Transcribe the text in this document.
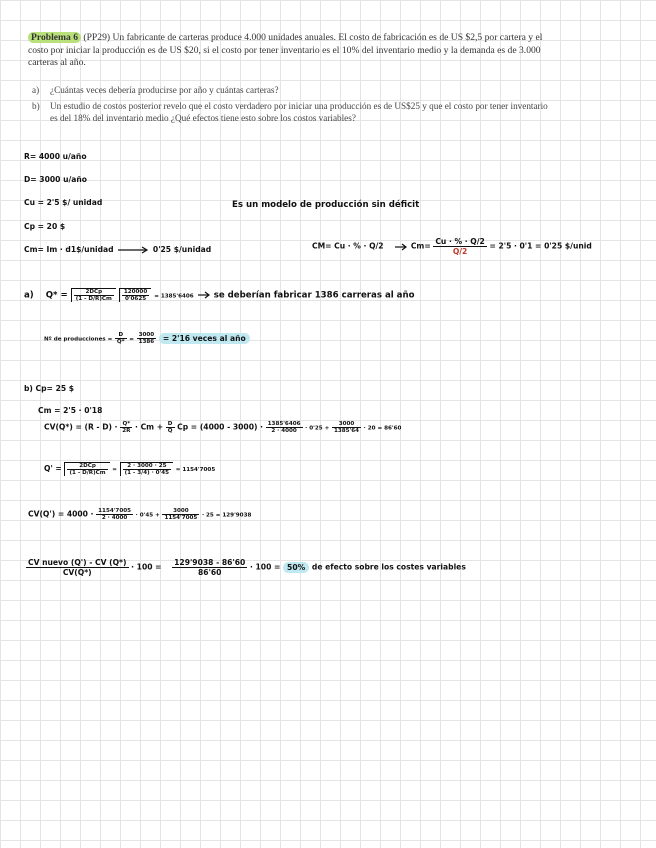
Problema 6 (PP29) Un fabricante de carteras produce 4.000 unidades anuales. El costo de fabricación es de US $2,5 por cartera y el costo por iniciar la producción es de US $20, si el costo por tener inventario es el 10% del inventario medio y la demanda es de 3.000 carteras al año.
a)	¿Cuántas veces debería producirse por año y cuántas carteras?
b)	Un estudio de costos posterior revelo que el costo verdadero por iniciar una producción es de US$25 y que el costo por tener inventario es del 18% del inventario medio ¿Qué efectos tiene esto sobre los costos variables?
R= 4000 u/año
D= 3000 u/año
Cu = 2'5 $/ unidad	Es un modelo de producción sin déficit
Cp = 20 $
Cm= Im · d1$/unidad	0'25 $/unidad	CM= Cu · % · Q/2	$Cm= \frac{Cu \cdot \% \cdot Q/2}{Q/2} = 2'5 \cdot 0'1 = 0'25$ $/unid
a) $Q* = \frac{\text{2DCp}}{(1 - D/R)Cm}$
$\frac{120000}{0'0625} = 1385'6406$ se deberían fabricar 1386 carreras al año
Nº de producciones = $\frac{D}{Q*} = \frac{3000}{1386} = 2'16$ veces al año
b) Cp= 25 $
Cm = 2'5 · 0'18
$CV(Q*) = (R - D) \cdot \frac{Q*}{2R} \cdot Cm + \frac{D}{Q}$ $Cp = (4000 - 3000) \cdot \frac{1385'6406}{2 \cdot 4000} \cdot 0'25 + \frac{3000}{1385'64} \cdot 20 = 86'60$
$Q' = \frac{\text{2DCp}}{(1 - D/R)Cm} = \frac{2 \cdot 3000 \cdot 25}{(1 - 3/4) \cdot 0'45} = 1154'7005$
$CV(Q') = 4000 \cdot \frac{1154'7005}{2 \cdot 4000} \cdot 0'45 + \frac{3000}{1154'7005} \cdot 25 = 129'9038$
$\frac{\text{CV nuevo (Q') - CV (Q*)}}{CV(Q*)} \cdot 100 = \frac{129'9038 - 86'60}{86'60} \cdot 100 = 50\%$ de efecto sobre los costes variables
